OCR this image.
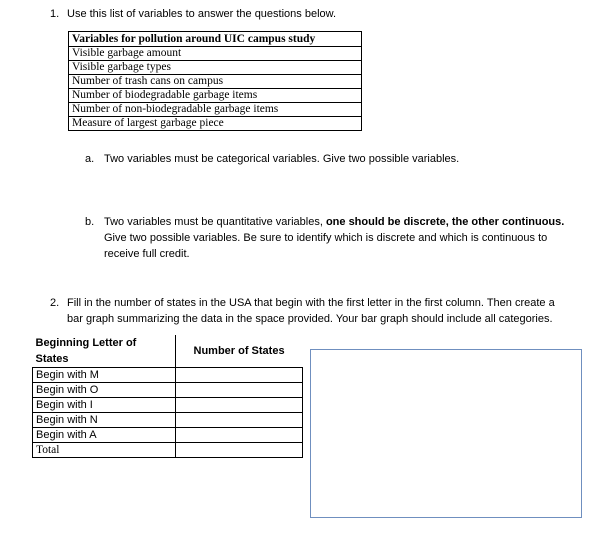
1. Use this list of variables to answer the questions below.
Variables for pollution around UIC campus study
Visible garbage amount
Visible garbage types
Number of trash cans on campus
Number of biodegradable garbage items
Number of non-biodegradable garbage items
Measure of largest garbage piece
a. Two variables must be categorical variables. Give two possible variables.
b. Two variables must be quantitative variables, one should be discrete, the other continuous.
Give two possible variables. Be sure to identify which is discrete and which is continuous to
receive full credit.
2. Fill in the number of states in the USA that begin with the first letter in the first column. Then create a
bar graph summarizing the data in the space provided. Your bar graph should include all categories.
Beginning Letter of States	Number of States
Begin with M	
Begin with O	
Begin with I	
Begin with N	
Begin with A	
Total	
